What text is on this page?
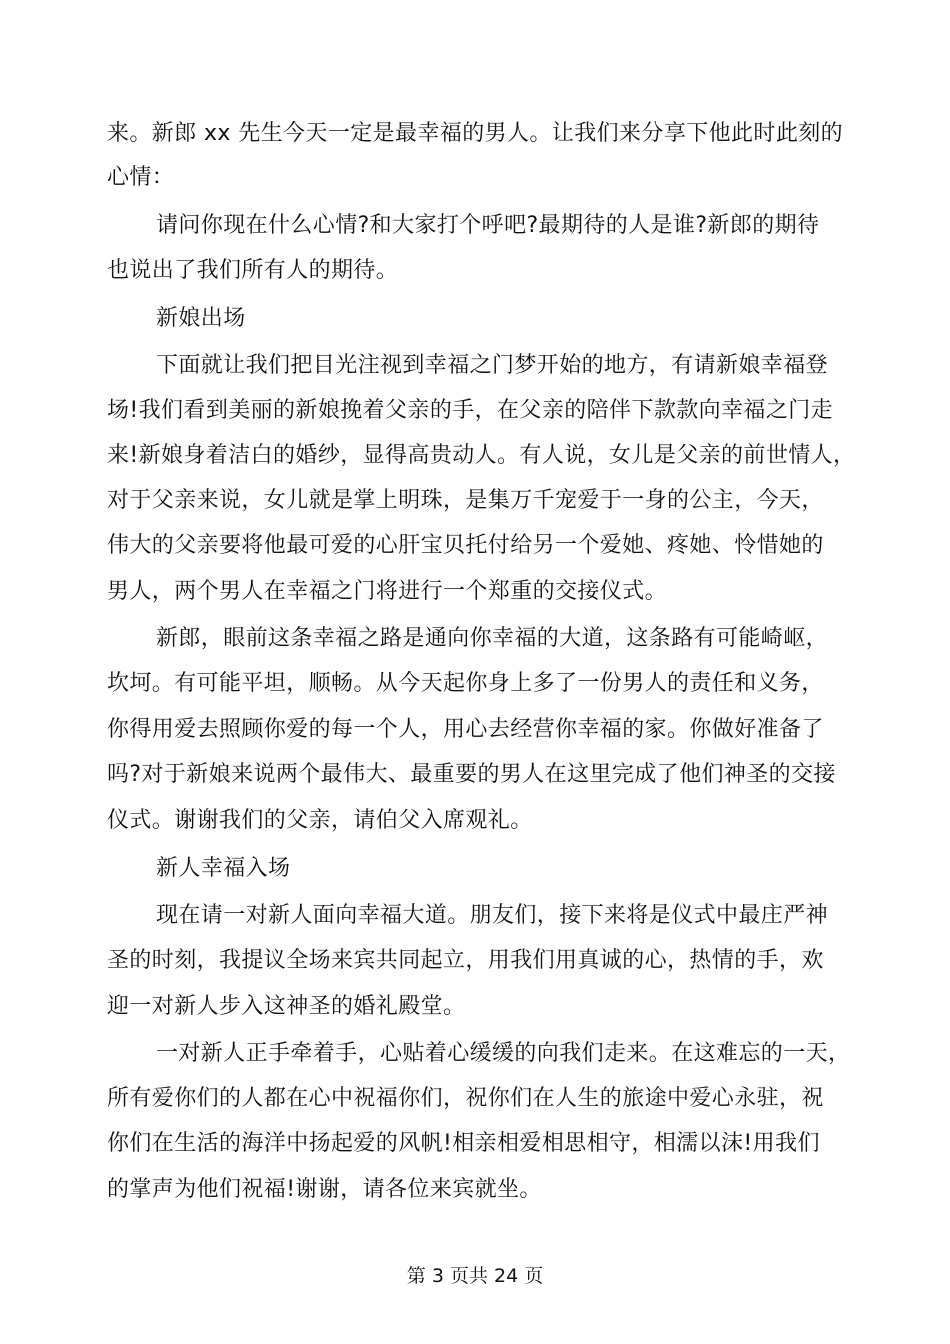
来。新郎 xx 先生今天一定是最幸福的男人。让我们来分享下他此时此刻的
心情：
请问你现在什么心情?和大家打个呼吧?最期待的人是谁?新郎的期待
也说出了我们所有人的期待。
新娘出场
下面就让我们把目光注视到幸福之门梦开始的地方，有请新娘幸福登
场!我们看到美丽的新娘挽着父亲的手，在父亲的陪伴下款款向幸福之门走
来!新娘身着洁白的婚纱，显得高贵动人。有人说，女儿是父亲的前世情人，
对于父亲来说，女儿就是掌上明珠，是集万千宠爱于一身的公主，今天，
伟大的父亲要将他最可爱的心肝宝贝托付给另一个爱她、疼她、怜惜她的
男人，两个男人在幸福之门将进行一个郑重的交接仪式。
新郎，眼前这条幸福之路是通向你幸福的大道，这条路有可能崎岖，
坎坷。有可能平坦，顺畅。从今天起你身上多了一份男人的责任和义务，
你得用爱去照顾你爱的每一个人，用心去经营你幸福的家。你做好准备了
吗?对于新娘来说两个最伟大、最重要的男人在这里完成了他们神圣的交接
仪式。谢谢我们的父亲，请伯父入席观礼。
新人幸福入场
现在请一对新人面向幸福大道。朋友们，接下来将是仪式中最庄严神
圣的时刻，我提议全场来宾共同起立，用我们用真诚的心，热情的手，欢
迎一对新人步入这神圣的婚礼殿堂。
一对新人正手牵着手，心贴着心缓缓的向我们走来。在这难忘的一天，
所有爱你们的人都在心中祝福你们，祝你们在人生的旅途中爱心永驻，祝
你们在生活的海洋中扬起爱的风帆!相亲相爱相思相守，相濡以沫!用我们
的掌声为他们祝福!谢谢，请各位来宾就坐。
第 3 页共 24 页
